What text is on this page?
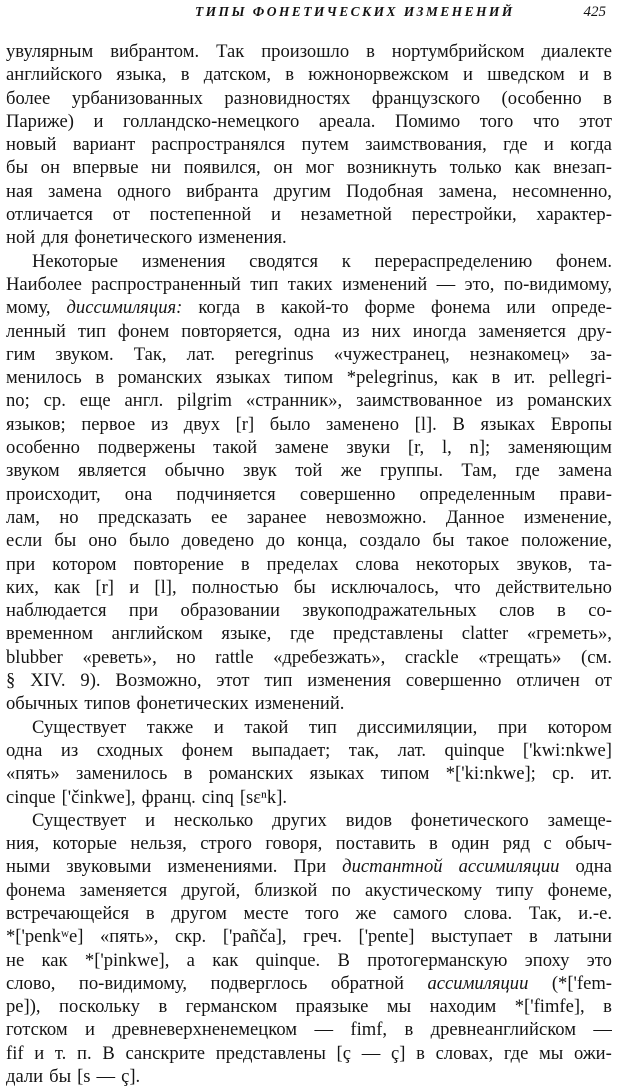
ТИПЫ ФОНЕТИЧЕСКИХ ИЗМЕНЕНИЙ	425
увулярным вибрантом. Так произошло в нортумбрийском диалекте
английского языка, в датском, в южнонорвежском и шведском и в
более урбанизованных разновидностях французского (особенно в
Париже) и голландско-немецкого ареала. Помимо того что этот
новый вариант распространялся путем заимствования, где и когда
бы он впервые ни появился, он мог возникнуть только как внезап-
ная замена одного вибранта другим Подобная замена, несомненно,
отличается от постепенной и незаметной перестройки, характер-
ной для фонетического изменения.
Некоторые изменения сводятся к перераспределению фонем.
Наиболее распространенный тип таких изменений — это, по-видимому,
мому, диссимиляция: когда в какой-то форме фонема или опреде-
ленный тип фонем повторяется, одна из них иногда заменяется дру-
гим звуком. Так, лат. peregrinus «чужестранец, незнакомец» за-
менилось в романских языках типом *pelegrinus, как в ит. pellegri-
no; ср. еще англ. pilgrim «странник», заимствованное из романских
языков; первое из двух [r] было заменено [l]. В языках Европы
особенно подвержены такой замене звуки [r, l, n]; заменяющим
звуком является обычно звук той же группы. Там, где замена
происходит, она подчиняется совершенно определенным прави-
лам, но предсказать ее заранее невозможно. Данное изменение,
если бы оно было доведено до конца, создало бы такое положение,
при котором повторение в пределах слова некоторых звуков, та-
ких, как [r] и [l], полностью бы исключалось, что действительно
наблюдается при образовании звукоподражательных слов в со-
временном английском языке, где представлены clatter «греметь»,
blubber «реветь», но rattle «дребезжать», crackle «трещать» (см.
§ XIV. 9). Возможно, этот тип изменения совершенно отличен от
обычных типов фонетических изменений.
Существует также и такой тип диссимиляции, при котором
одна из сходных фонем выпадает; так, лат. quinque ['kwi:nkwe]
«пять» заменилось в романских языках типом *['ki:nkwe]; ср. ит.
cinque ['činkwe], франц. cinq [sɛⁿk].
Существует и несколько других видов фонетического замеще-
ния, которые нельзя, строго говоря, поставить в один ряд с обыч-
ными звуковыми изменениями. При дистантной ассимиляции одна
фонема заменяется другой, близкой по акустическому типу фонеме,
встречающейся в другом месте того же самого слова. Так, и.-е.
*['penkʷe] «пять», скр. ['pañča], греч. ['pente] выступает в латыни
не как *['pinkwe], а как quinque. В протогерманскую эпоху это
слово, по-видимому, подверглось обратной ассимиляции (*['fem-
pe]), поскольку в германском праязыке мы находим *['fimfe], в
готском и древневерхненемецком — fimf, в древнеанглийском —
fif и т. п. В санскрите представлены [ç — ç] в словах, где мы ожи-
дали бы [s — ç].
